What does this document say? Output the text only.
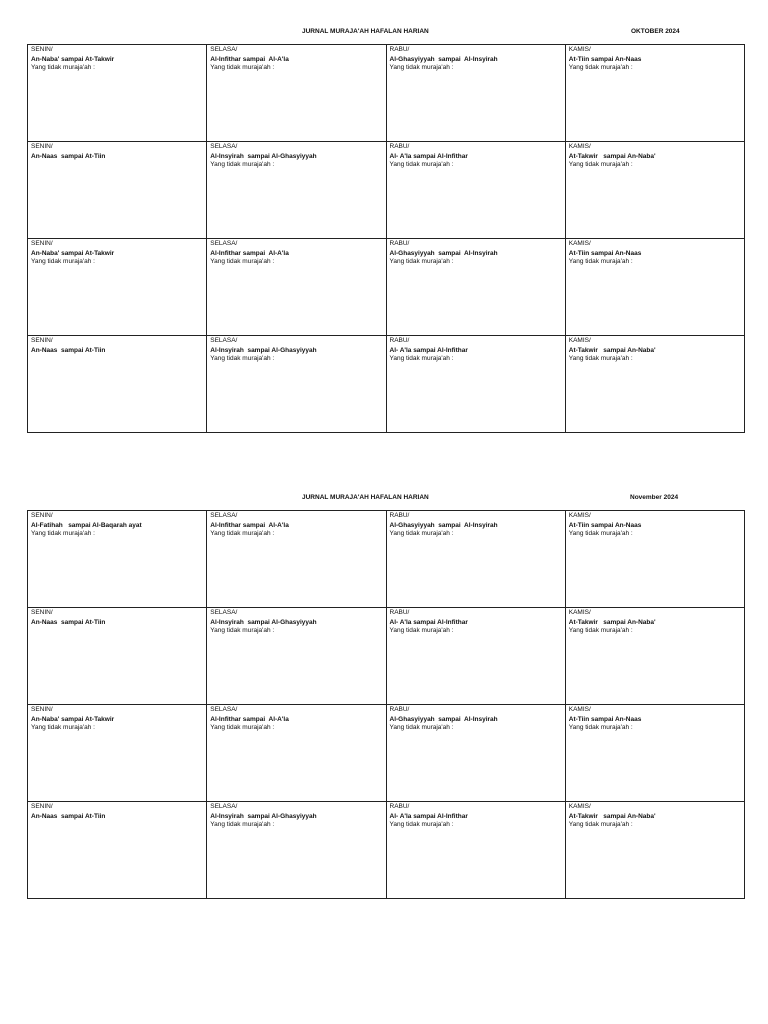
JURNAL MURAJA'AH HAFALAN HARIAN	OKTOBER 2024
SENIN/
An-Naba' sampai At-Takwir
Yang tidak muraja'ah :	SELASA/
Al-Infithar sampai  Al-A'la
Yang tidak muraja'ah :	RABU/
Al-Ghasyiyyah  sampai  Al-Insyirah
Yang tidak muraja'ah :	KAMIS/
At-Tiin sampai An-Naas
Yang tidak muraja'ah :

SENIN/
An-Naas  sampai At-Tiin	SELASA/
Al-Insyirah  sampai Al-Ghasyiyyah
Yang tidak muraja'ah :	RABU/
Al- A'la sampai Al-Infithar
Yang tidak muraja'ah :	KAMIS/
At-Takwir   sampai An-Naba'
Yang tidak muraja'ah :

SENIN/
An-Naba' sampai At-Takwir
Yang tidak muraja'ah :	SELASA/
Al-Infithar sampai  Al-A'la
Yang tidak muraja'ah :	RABU/
Al-Ghasyiyyah  sampai  Al-Insyirah
Yang tidak muraja'ah :	KAMIS/
At-Tiin sampai An-Naas
Yang tidak muraja'ah :

SENIN/
An-Naas  sampai At-Tiin	SELASA/
Al-Insyirah  sampai Al-Ghasyiyyah
Yang tidak muraja'ah :	RABU/
Al- A'la sampai Al-Infithar
Yang tidak muraja'ah :	KAMIS/
At-Takwir   sampai An-Naba'
Yang tidak muraja'ah :
JURNAL MURAJA'AH HAFALAN HARIAN	November 2024
SENIN/
Al-Fatihah   sampai Al-Baqarah ayat
Yang tidak muraja'ah :	SELASA/
Al-Infithar sampai  Al-A'la
Yang tidak muraja'ah :	RABU/
Al-Ghasyiyyah  sampai  Al-Insyirah
Yang tidak muraja'ah :	KAMIS/
At-Tiin sampai An-Naas
Yang tidak muraja'ah :

SENIN/
An-Naas  sampai At-Tiin	SELASA/
Al-Insyirah  sampai Al-Ghasyiyyah
Yang tidak muraja'ah :	RABU/
Al- A'la sampai Al-Infithar
Yang tidak muraja'ah :	KAMIS/
At-Takwir   sampai An-Naba'
Yang tidak muraja'ah :

SENIN/
An-Naba' sampai At-Takwir
Yang tidak muraja'ah :	SELASA/
Al-Infithar sampai  Al-A'la
Yang tidak muraja'ah :	RABU/
Al-Ghasyiyyah  sampai  Al-Insyirah
Yang tidak muraja'ah :	KAMIS/
At-Tiin sampai An-Naas
Yang tidak muraja'ah :

SENIN/
An-Naas  sampai At-Tiin	SELASA/
Al-Insyirah  sampai Al-Ghasyiyyah
Yang tidak muraja'ah :	RABU/
Al- A'la sampai Al-Infithar
Yang tidak muraja'ah :	KAMIS/
At-Takwir   sampai An-Naba'
Yang tidak muraja'ah :
